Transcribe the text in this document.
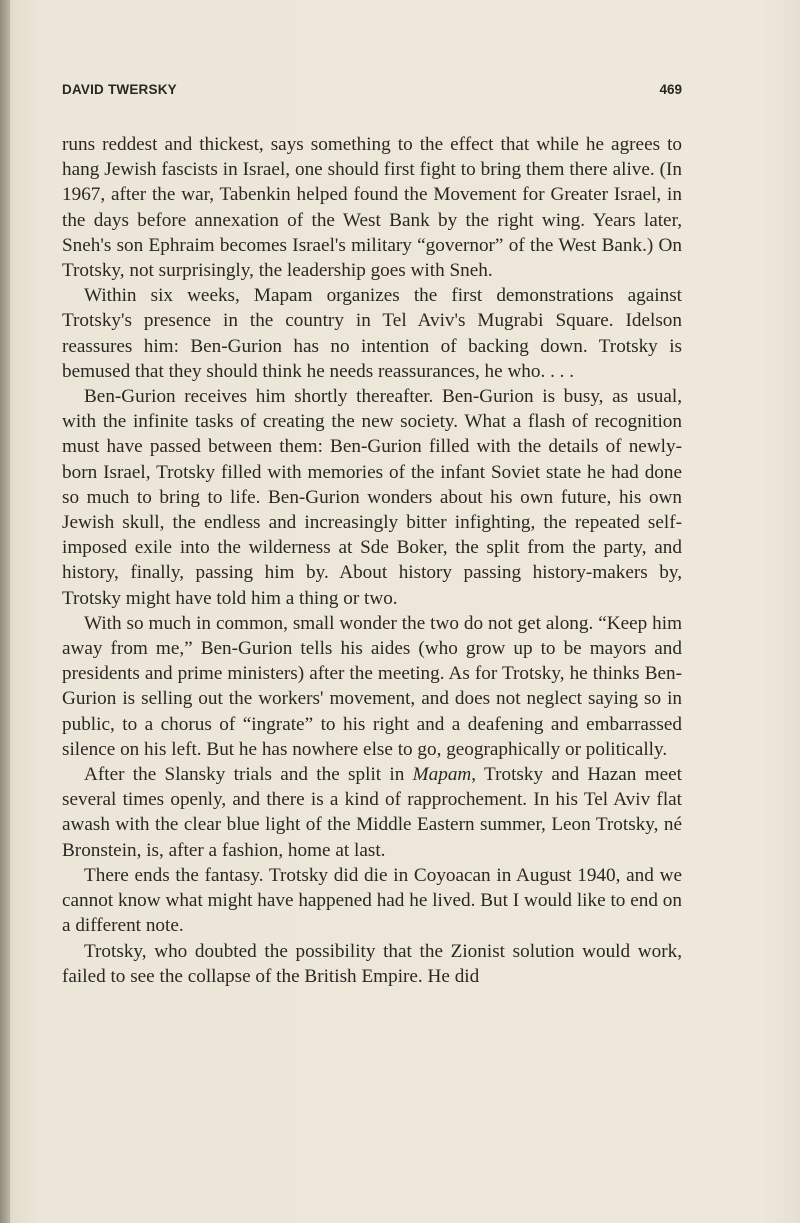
DAVID TWERSKY	469

runs reddest and thickest, says something to the effect that while he agrees to hang Jewish fascists in Israel, one should first fight to bring them there alive. (In 1967, after the war, Tabenkin helped found the Movement for Greater Israel, in the days before annexation of the West Bank by the right wing. Years later, Sneh's son Ephraim becomes Israel's military “governor” of the West Bank.) On Trotsky, not surprisingly, the leadership goes with Sneh.

Within six weeks, Mapam organizes the first demonstrations against Trotsky's presence in the country in Tel Aviv's Mugrabi Square. Idelson reassures him: Ben-Gurion has no intention of backing down. Trotsky is bemused that they should think he needs reassurances, he who. . . .

Ben-Gurion receives him shortly thereafter. Ben-Gurion is busy, as usual, with the infinite tasks of creating the new society. What a flash of recognition must have passed between them: Ben-Gurion filled with the details of newly-born Israel, Trotsky filled with memories of the infant Soviet state he had done so much to bring to life. Ben-Gurion wonders about his own future, his own Jewish skull, the endless and increasingly bitter infighting, the repeated self-imposed exile into the wilderness at Sde Boker, the split from the party, and history, finally, passing him by. About history passing history-makers by, Trotsky might have told him a thing or two.

With so much in common, small wonder the two do not get along. “Keep him away from me,” Ben-Gurion tells his aides (who grow up to be mayors and presidents and prime ministers) after the meeting. As for Trotsky, he thinks Ben-Gurion is selling out the workers' movement, and does not neglect saying so in public, to a chorus of “ingrate” to his right and a deafening and embarrassed silence on his left. But he has nowhere else to go, geographically or politically.

After the Slansky trials and the split in Mapam, Trotsky and Hazan meet several times openly, and there is a kind of rapprochement. In his Tel Aviv flat awash with the clear blue light of the Middle Eastern summer, Leon Trotsky, né Bronstein, is, after a fashion, home at last.

There ends the fantasy. Trotsky did die in Coyoacan in August 1940, and we cannot know what might have happened had he lived. But I would like to end on a different note.

Trotsky, who doubted the possibility that the Zionist solution would work, failed to see the collapse of the British Empire. He did
